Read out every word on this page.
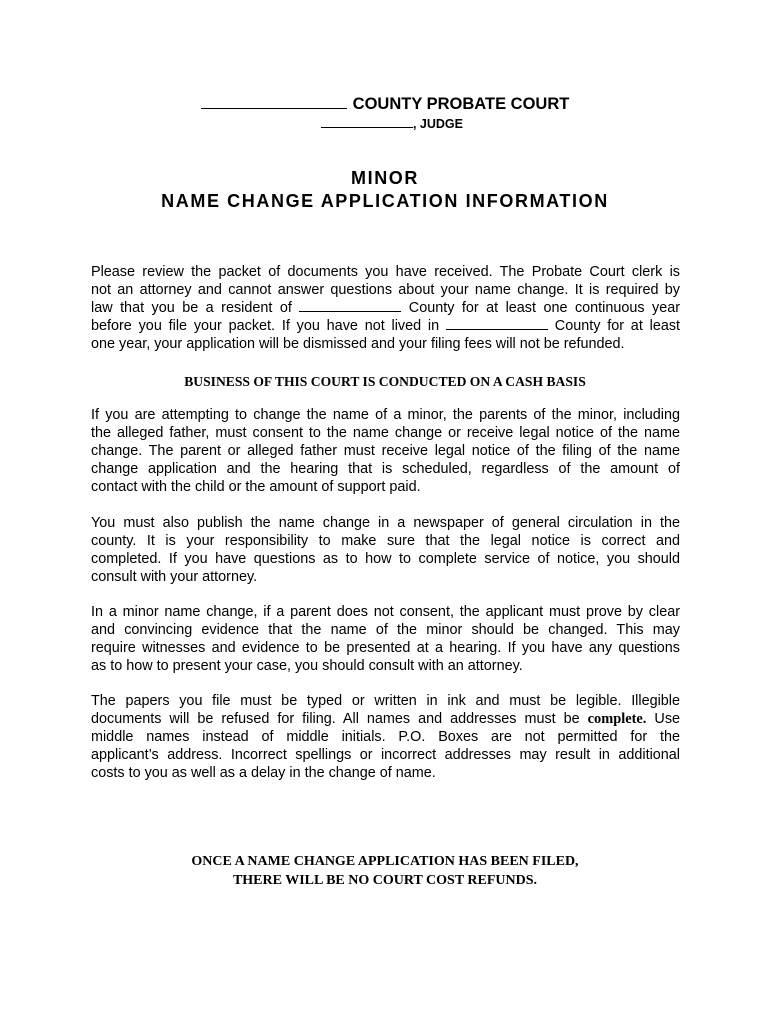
COUNTY PROBATE COURT
, JUDGE
MINOR
NAME CHANGE APPLICATION INFORMATION
Please review the packet of documents you have received. The Probate Court clerk is
not an attorney and cannot answer questions about your name change. It is required by
law that you be a resident of	County for at least one continuous year
before you file your packet. If you have not lived in	County for at least
one year, your application will be dismissed and your filing fees will not be refunded.
BUSINESS OF THIS COURT IS CONDUCTED ON A CASH BASIS
If you are attempting to change the name of a minor, the parents of the minor, including
the alleged father, must consent to the name change or receive legal notice of the name
change. The parent or alleged father must receive legal notice of the filing of the name
change application and the hearing that is scheduled, regardless of the amount of
contact with the child or the amount of support paid.
You must also publish the name change in a newspaper of general circulation in the
county. It is your responsibility to make sure that the legal notice is correct and
completed. If you have questions as to how to complete service of notice, you should
consult with your attorney.
In a minor name change, if a parent does not consent, the applicant must prove by clear
and convincing evidence that the name of the minor should be changed. This may
require witnesses and evidence to be presented at a hearing. If you have any questions
as to how to present your case, you should consult with an attorney.
The papers you file must be typed or written in ink and must be legible. Illegible
documents will be refused for filing. All names and addresses must be complete. Use
middle names instead of middle initials. P.O. Boxes are not permitted for the
applicant’s address. Incorrect spellings or incorrect addresses may result in additional
costs to you as well as a delay in the change of name.
ONCE A NAME CHANGE APPLICATION HAS BEEN FILED,
THERE WILL BE NO COURT COST REFUNDS.
